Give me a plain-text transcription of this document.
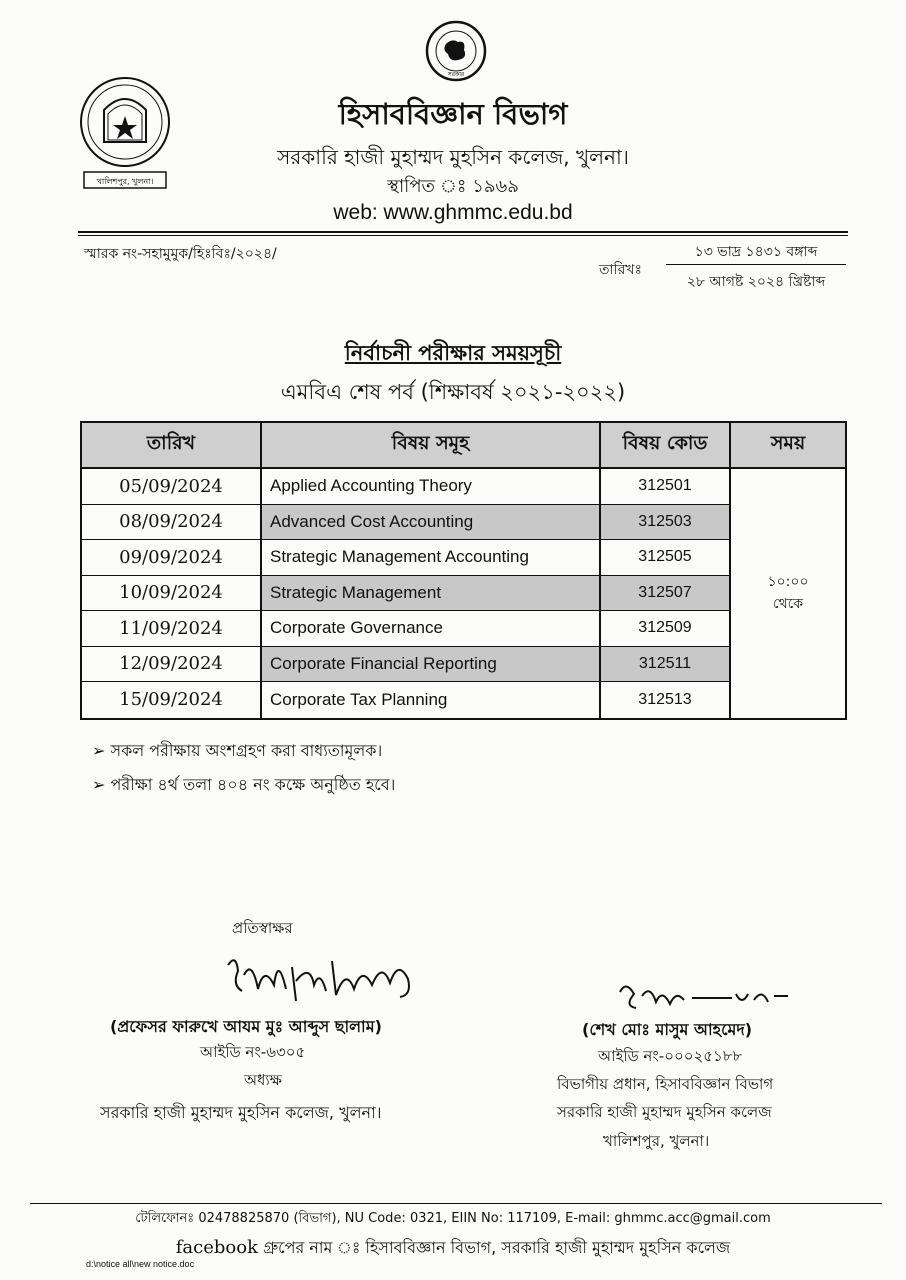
খালিশপুর, খুলনা।
সরকার
হিসাববিজ্ঞান বিভাগ
সরকারি হাজী মুহাম্মদ মুহসিন কলেজ, খুলনা।
স্থাপিত ঃ ১৯৬৯
web: www.ghmmc.edu.bd
স্মারক নং-সহামুমুক/হিঃবিঃ/২০২৪/
তারিখঃ
১৩ ভাদ্র ১৪৩১ বঙ্গাব্দ
২৮ আগষ্ট ২০২৪ খ্রিষ্টাব্দ
নির্বাচনী পরীক্ষার সময়সূচী
এমবিএ শেষ পর্ব (শিক্ষাবর্ষ ২০২১-২০২২)
তারিখ	বিষয় সমূহ	বিষয় কোড	সময়
05/09/2024	Applied Accounting Theory	312501
08/09/2024	Advanced Cost Accounting	312503
09/09/2024	Strategic Management Accounting	312505
10/09/2024	Strategic Management	312507
11/09/2024	Corporate Governance	312509
12/09/2024	Corporate Financial Reporting	312511
15/09/2024	Corporate Tax Planning	312513
১০:০০
থেকে
➢ সকল পরীক্ষায় অংশগ্রহণ করা বাধ্যতামূলক।
➢ পরীক্ষা ৪র্থ তলা ৪০৪ নং কক্ষে অনুষ্ঠিত হবে।
প্রতিস্বাক্ষর
(প্রফেসর ফারুখে আযম মুঃ আব্দুস ছালাম)
আইডি নং-৬৩০৫
অধ্যক্ষ
সরকারি হাজী মুহাম্মদ মুহসিন কলেজ, খুলনা।
(শেখ মোঃ মাসুম আহমেদ)
আইডি নং-০০০২৫১৮৮
বিভাগীয় প্রধান, হিসাববিজ্ঞান বিভাগ
সরকারি হাজী মুহাম্মদ মুহসিন কলেজ
খালিশপুর, খুলনা।
টেলিফোনঃ 02478825870 (বিভাগ), NU Code: 0321, EIIN No: 117109, E-mail: ghmmc.acc@gmail.com
facebook গ্রুপের নাম ঃ হিসাববিজ্ঞান বিভাগ, সরকারি হাজী মুহাম্মদ মুহসিন কলেজ
d:\notice all\new notice.doc
